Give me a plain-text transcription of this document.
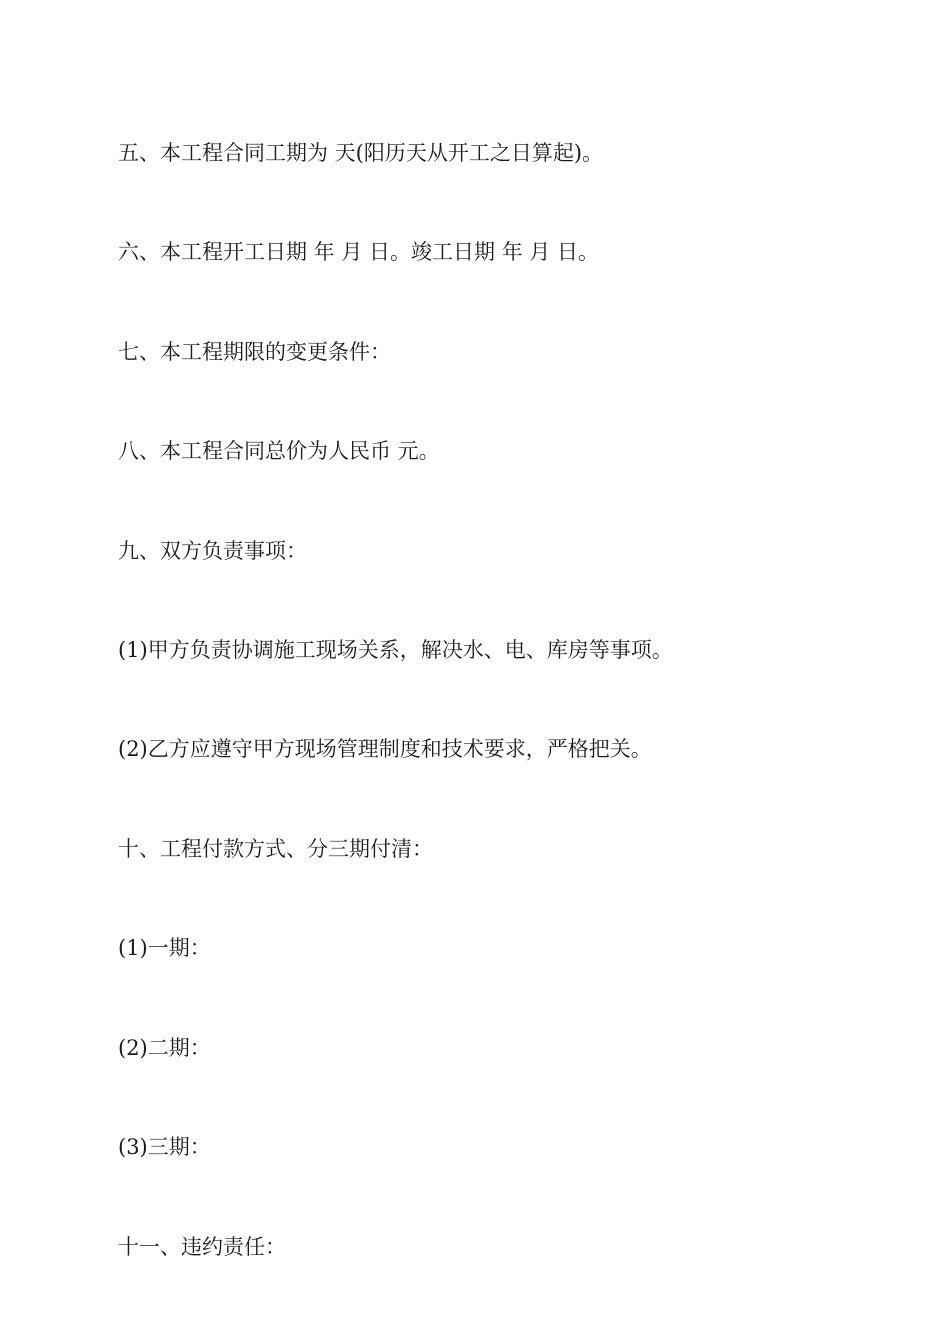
五、本工程合同工期为 天(阳历天从开工之日算起)。

六、本工程开工日期 年 月 日。竣工日期 年 月 日。

七、本工程期限的变更条件：

八、本工程合同总价为人民币 元。

九、双方负责事项：

(1)甲方负责协调施工现场关系，解决水、电、库房等事项。

(2)乙方应遵守甲方现场管理制度和技术要求，严格把关。

十、工程付款方式、分三期付清：

(1)一期：

(2)二期：

(3)三期：

十一、违约责任：
